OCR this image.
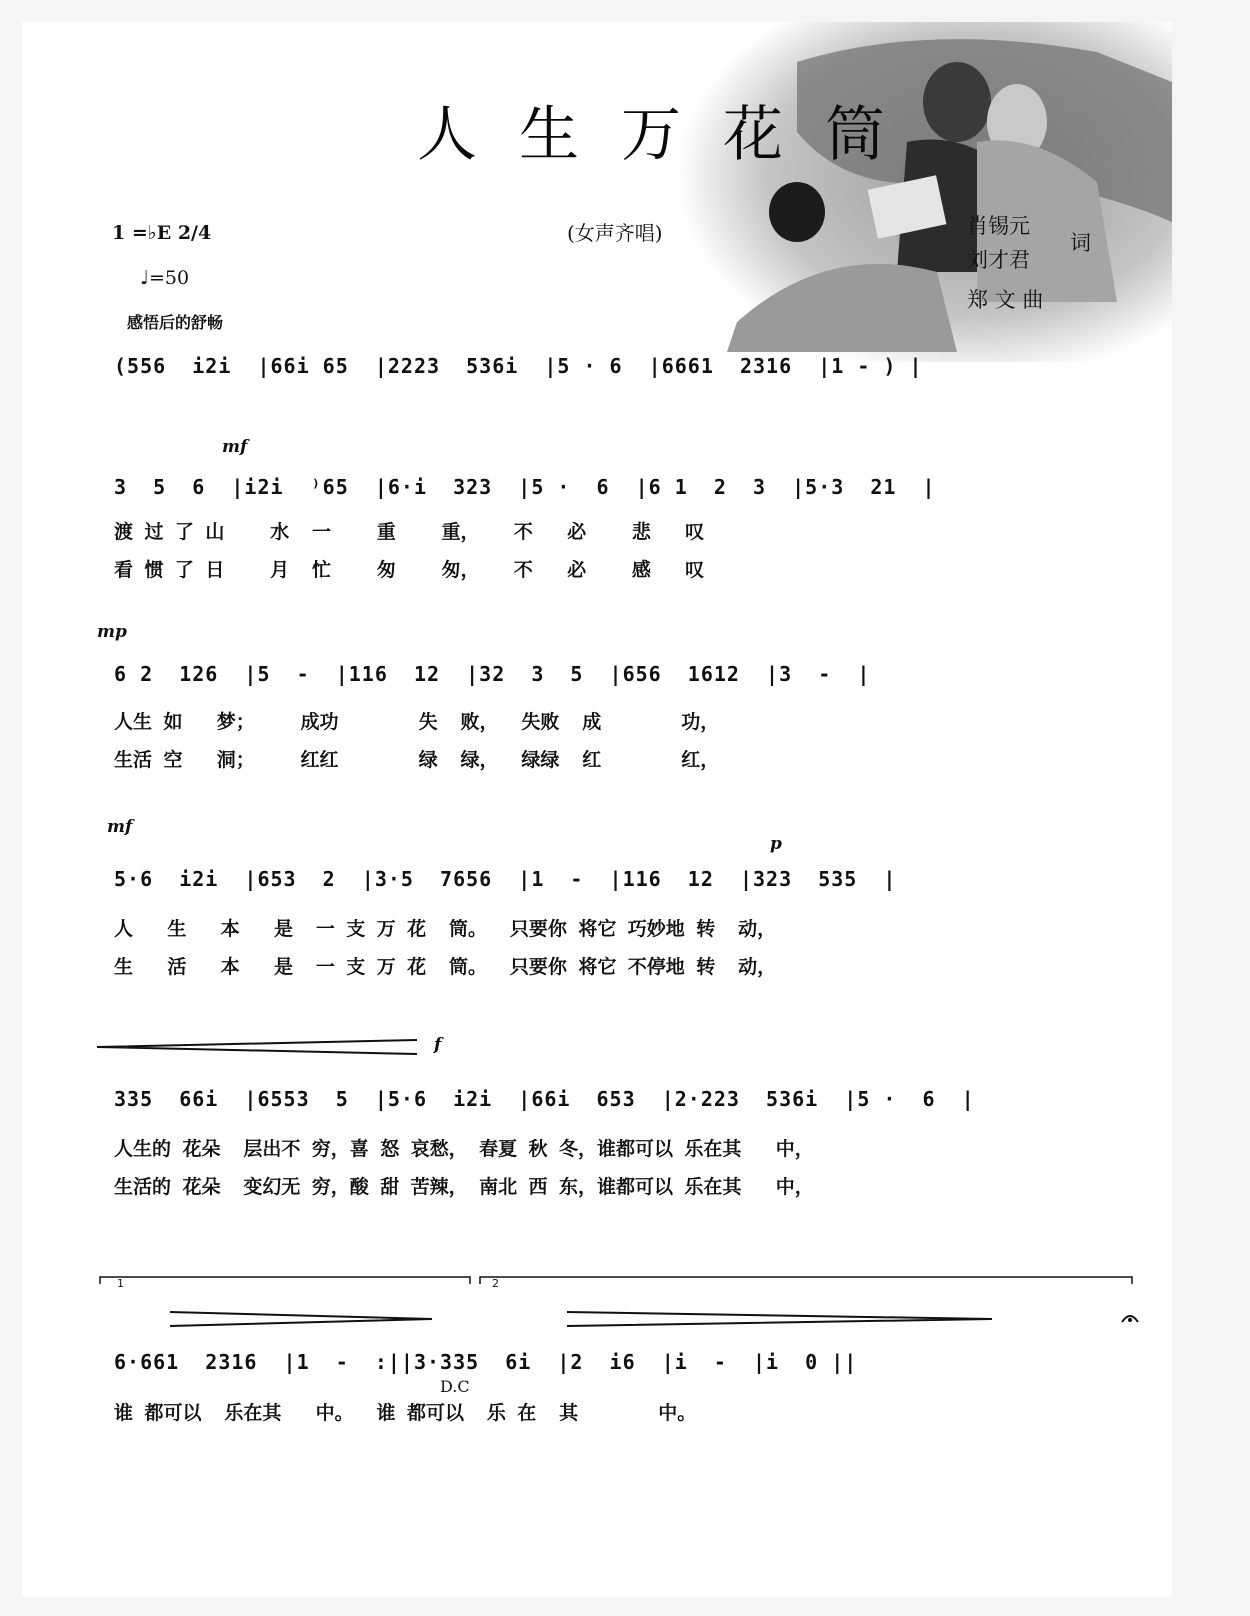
人生万花筒
(女声齐唱)
1 =♭E 2/4
♩=50
感悟后的舒畅
肖锡元
刘才君
词
郑 文 曲
(556  i2i  |66i 65  |2223  536i  |5 · 6  |6661  2316  |1 - ) |
mf
3  5  6  |i2i  ⁾65  |6·i  323  |5 ·  6  |6 1  2  3  |5·3  21  |
渡 过 了 山    水  一    重    重，   不   必    悲   叹
看 惯 了 日    月  忙    匆    匆，   不   必    感   叹
mp
6 2  126  |5  -  |116  12  |32  3  5  |656  1612  |3  -  |
人生 如   梦；    成功       失  败，  失败  成       功，
生活 空   洞；    红红       绿  绿，  绿绿  红       红，
mf
p
5·6  i2i  |653  2  |3·5  7656  |1  -  |116  12  |323  535  |
人   生   本   是  一 支 万 花  筒。  只要你 将它 巧妙地 转  动，
生   活   本   是  一 支 万 花  筒。  只要你 将它 不停地 转  动，
1	2
f
335  66i  |6553  5  |5·6  i2i  |66i  653  |2·223  536i  |5 ·  6  |
人生的 花朵  层出不 穷，喜 怒 哀愁， 春夏 秋 冬，谁都可以 乐在其   中，
生活的 花朵  变幻无 穷，酸 甜 苦辣， 南北 西 东，谁都可以 乐在其   中，
6·661  2316  |1  -  :||3·335  6i  |2  i6  |i  -  |i  0 ||
D.C
谁 都可以  乐在其   中。  谁 都可以  乐 在  其       中。
